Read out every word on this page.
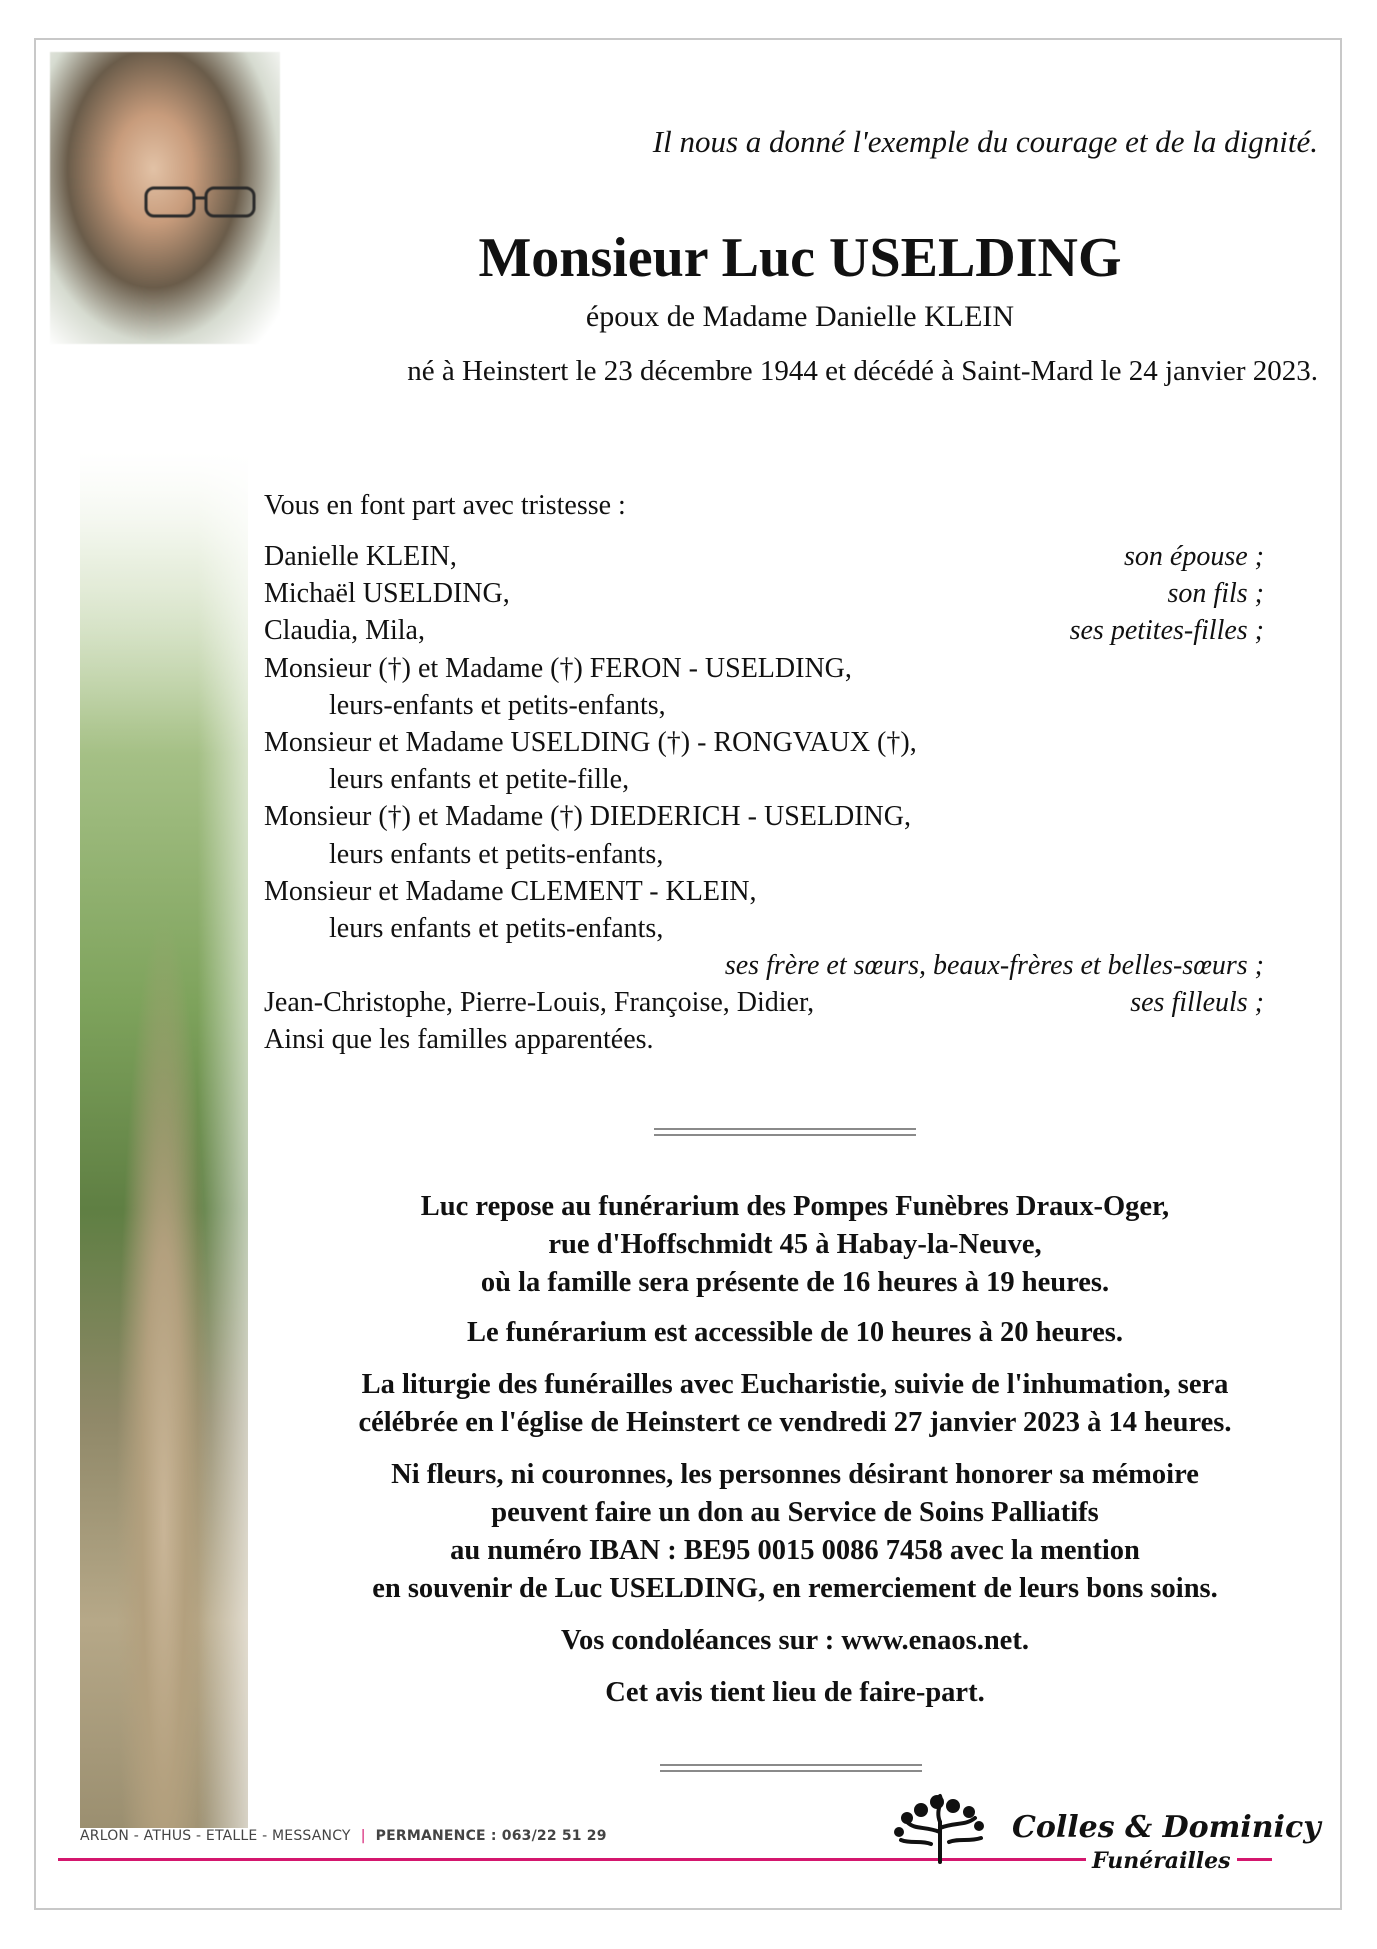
Il nous a donné l'exemple du courage et de la dignité.
Monsieur Luc USELDING
époux de Madame Danielle KLEIN
né à Heinstert le 23 décembre 1944 et décédé à Saint-Mard le 24 janvier 2023.
Vous en font part avec tristesse :
Danielle KLEIN,	son épouse ;
Michaël USELDING,	son fils ;
Claudia, Mila,	ses petites-filles ;
Monsieur (†) et Madame (†) FERON - USELDING,
leurs-enfants et petits-enfants,
Monsieur et Madame USELDING (†) - RONGVAUX (†),
leurs enfants et petite-fille,
Monsieur (†) et Madame (†) DIEDERICH - USELDING,
leurs enfants et petits-enfants,
Monsieur et Madame CLEMENT - KLEIN,
leurs enfants et petits-enfants,
ses frère et sœurs, beaux-frères et belles-sœurs ;
Jean-Christophe, Pierre-Louis, Françoise, Didier,	ses filleuls ;
Ainsi que les familles apparentées.
Luc repose au funérarium des Pompes Funèbres Draux-Oger,
rue d'Hoffschmidt 45 à Habay-la-Neuve,
où la famille sera présente de 16 heures à 19 heures.
Le funérarium est accessible de 10 heures à 20 heures.
La liturgie des funérailles avec Eucharistie, suivie de l'inhumation, sera
célébrée en l'église de Heinstert ce vendredi 27 janvier 2023 à 14 heures.
Ni fleurs, ni couronnes, les personnes désirant honorer sa mémoire
peuvent faire un don au Service de Soins Palliatifs
au numéro IBAN : BE95 0015 0086 7458 avec la mention
en souvenir de Luc USELDING, en remerciement de leurs bons soins.
Vos condoléances sur : www.enaos.net.
Cet avis tient lieu de faire-part.
ARLON - ATHUS - ETALLE - MESSANCY | PERMANENCE : 063/22 51 29	Colles & Dominicy
Funérailles
